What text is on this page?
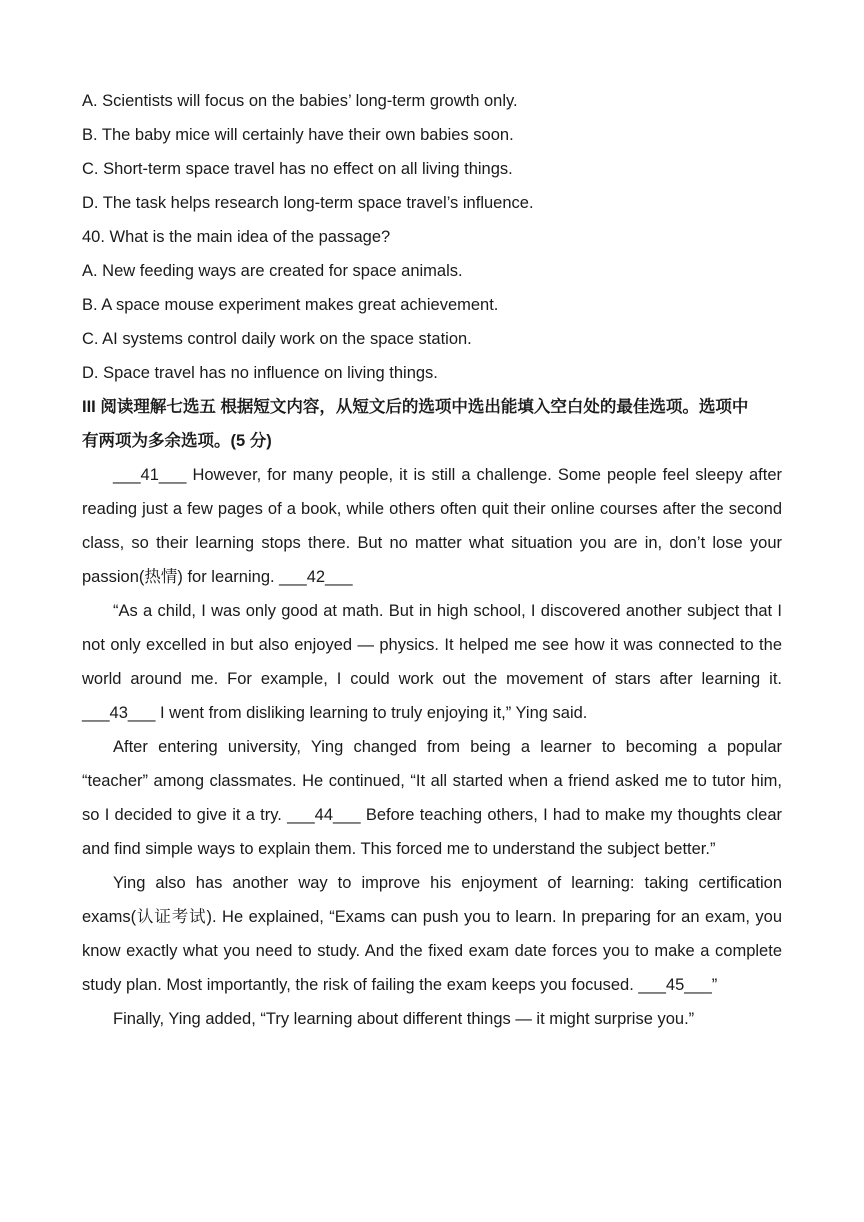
A. Scientists will focus on the babies’ long-term growth only.
B. The baby mice will certainly have their own babies soon.
C. Short-term space travel has no effect on all living things.
D. The task helps research long-term space travel’s influence.
40. What is the main idea of the passage?
A. New feeding ways are created for space animals.
B. A space mouse experiment makes great achievement.
C. AI systems control daily work on the space station.
D. Space travel has no influence on living things.
III 阅读理解七选五 根据短文内容，从短文后的选项中选出能填入空白处的最佳选项。选项中
有两项为多余选项。(5 分)

___41___ However, for many people, it is still a challenge. Some people feel sleepy after reading just a few pages of a book, while others often quit their online courses after the second class, so their learning stops there. But no matter what situation you are in, don’t lose your passion(热情) for learning. ___42___

“As a child, I was only good at math. But in high school, I discovered another subject that I not only excelled in but also enjoyed — physics. It helped me see how it was connected to the world around me. For example, I could work out the movement of stars after learning it. ___43___ I went from disliking learning to truly enjoying it,” Ying said.

After entering university, Ying changed from being a learner to becoming a popular “teacher” among classmates. He continued, “It all started when a friend asked me to tutor him, so I decided to give it a try. ___44___ Before teaching others, I had to make my thoughts clear and find simple ways to explain them. This forced me to understand the subject better.”

Ying also has another way to improve his enjoyment of learning: taking certification exams(认证考试). He explained, “Exams can push you to learn. In preparing for an exam, you know exactly what you need to study. And the fixed exam date forces you to make a complete study plan. Most importantly, the risk of failing the exam keeps you focused. ___45___”

Finally, Ying added, “Try learning about different things — it might surprise you.”
